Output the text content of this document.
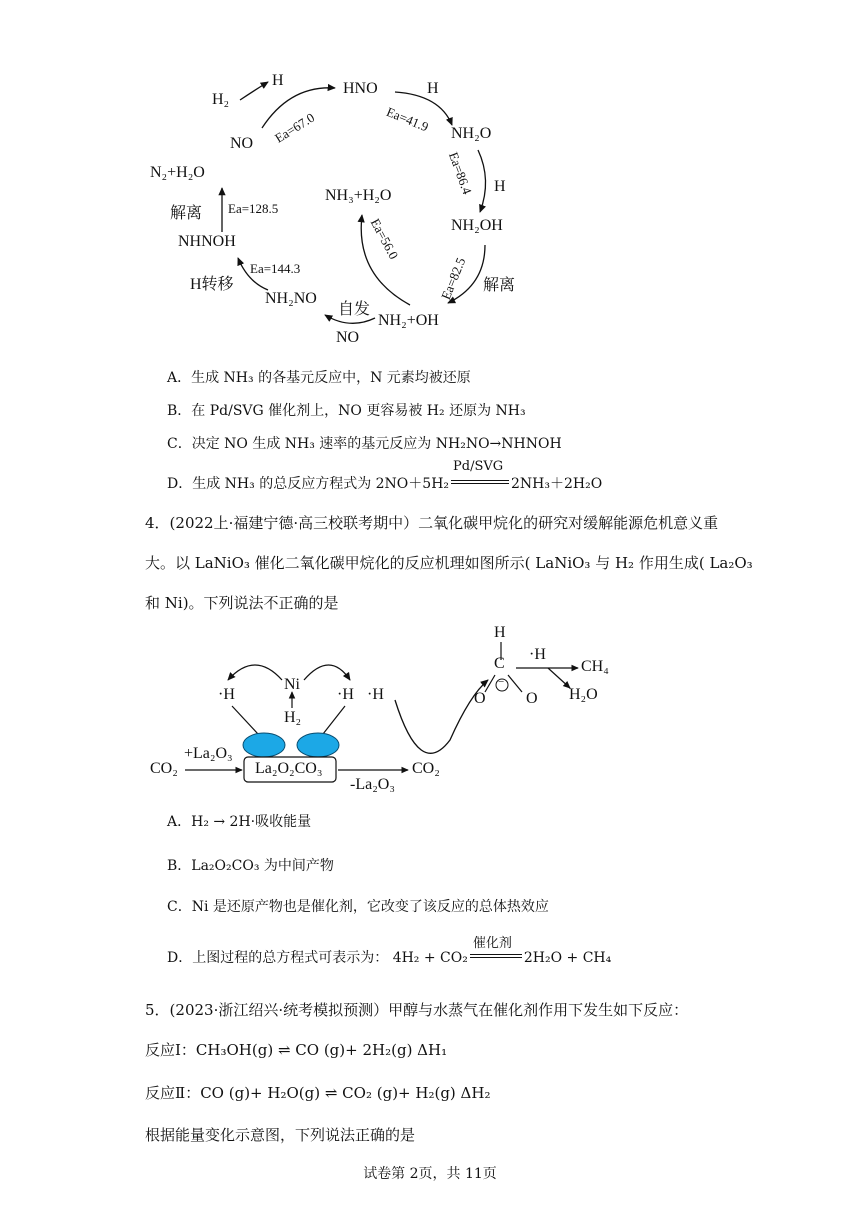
H₂
H	HNO	H
NO Ea=67.0	Ea=41.9 NH₂O
Ea=86.4 H
NH₂OH
Ea=82.5 解离
N₂+H₂O
解离 Ea=128.5
NH₃+H₂O
Ea=56.0
NHNOH
Ea=144.3
H转移
NH₂NO
自发
NH₂+OH
NO
A．生成 NH₃ 的各基元反应中，N 元素均被还原
B．在 Pd/SVG 催化剂上，NO 更容易被 H₂ 还原为 NH₃
C．决定 NO 生成 NH₃ 速率的基元反应为 NH₂NO→NHNOH
D．生成 NH₃ 的总反应方程式为 2NO＋5H₂
Pd/SVG
2NH₃＋2H₂O
4．(2022上·福建宁德·高三校联考期中）二氧化碳甲烷化的研究对缓解能源危机意义重
大。以 LaNiO₃ 催化二氧化碳甲烷化的反应机理如图所示( LaNiO₃ 与 H₂ 作用生成( La₂O₃
和 Ni)。下列说法不正确的是
H
C
·H
CH₄
Ni
·H	·H ·H	O
−
O H₂O
H₂
+La₂O₃
CO₂	La₂O₂CO₃	CO₂
-La₂O₃
A．H₂ → 2H·吸收能量
B．La₂O₂CO₃ 为中间产物
C．Ni 是还原产物也是催化剂，它改变了该反应的总体热效应
D．上图过程的总方程式可表示为： 4H₂ + CO₂
催化剂
2H₂O + CH₄
5．(2023·浙江绍兴·统考模拟预测）甲醇与水蒸气在催化剂作用下发生如下反应：
反应Ⅰ：CH₃OH(g) ⇌ CO (g)+ 2H₂(g) ΔH₁
反应Ⅱ：CO (g)+ H₂O(g) ⇌ CO₂ (g)+ H₂(g) ΔH₂
根据能量变化示意图，下列说法正确的是
试卷第 2页，共 11页
